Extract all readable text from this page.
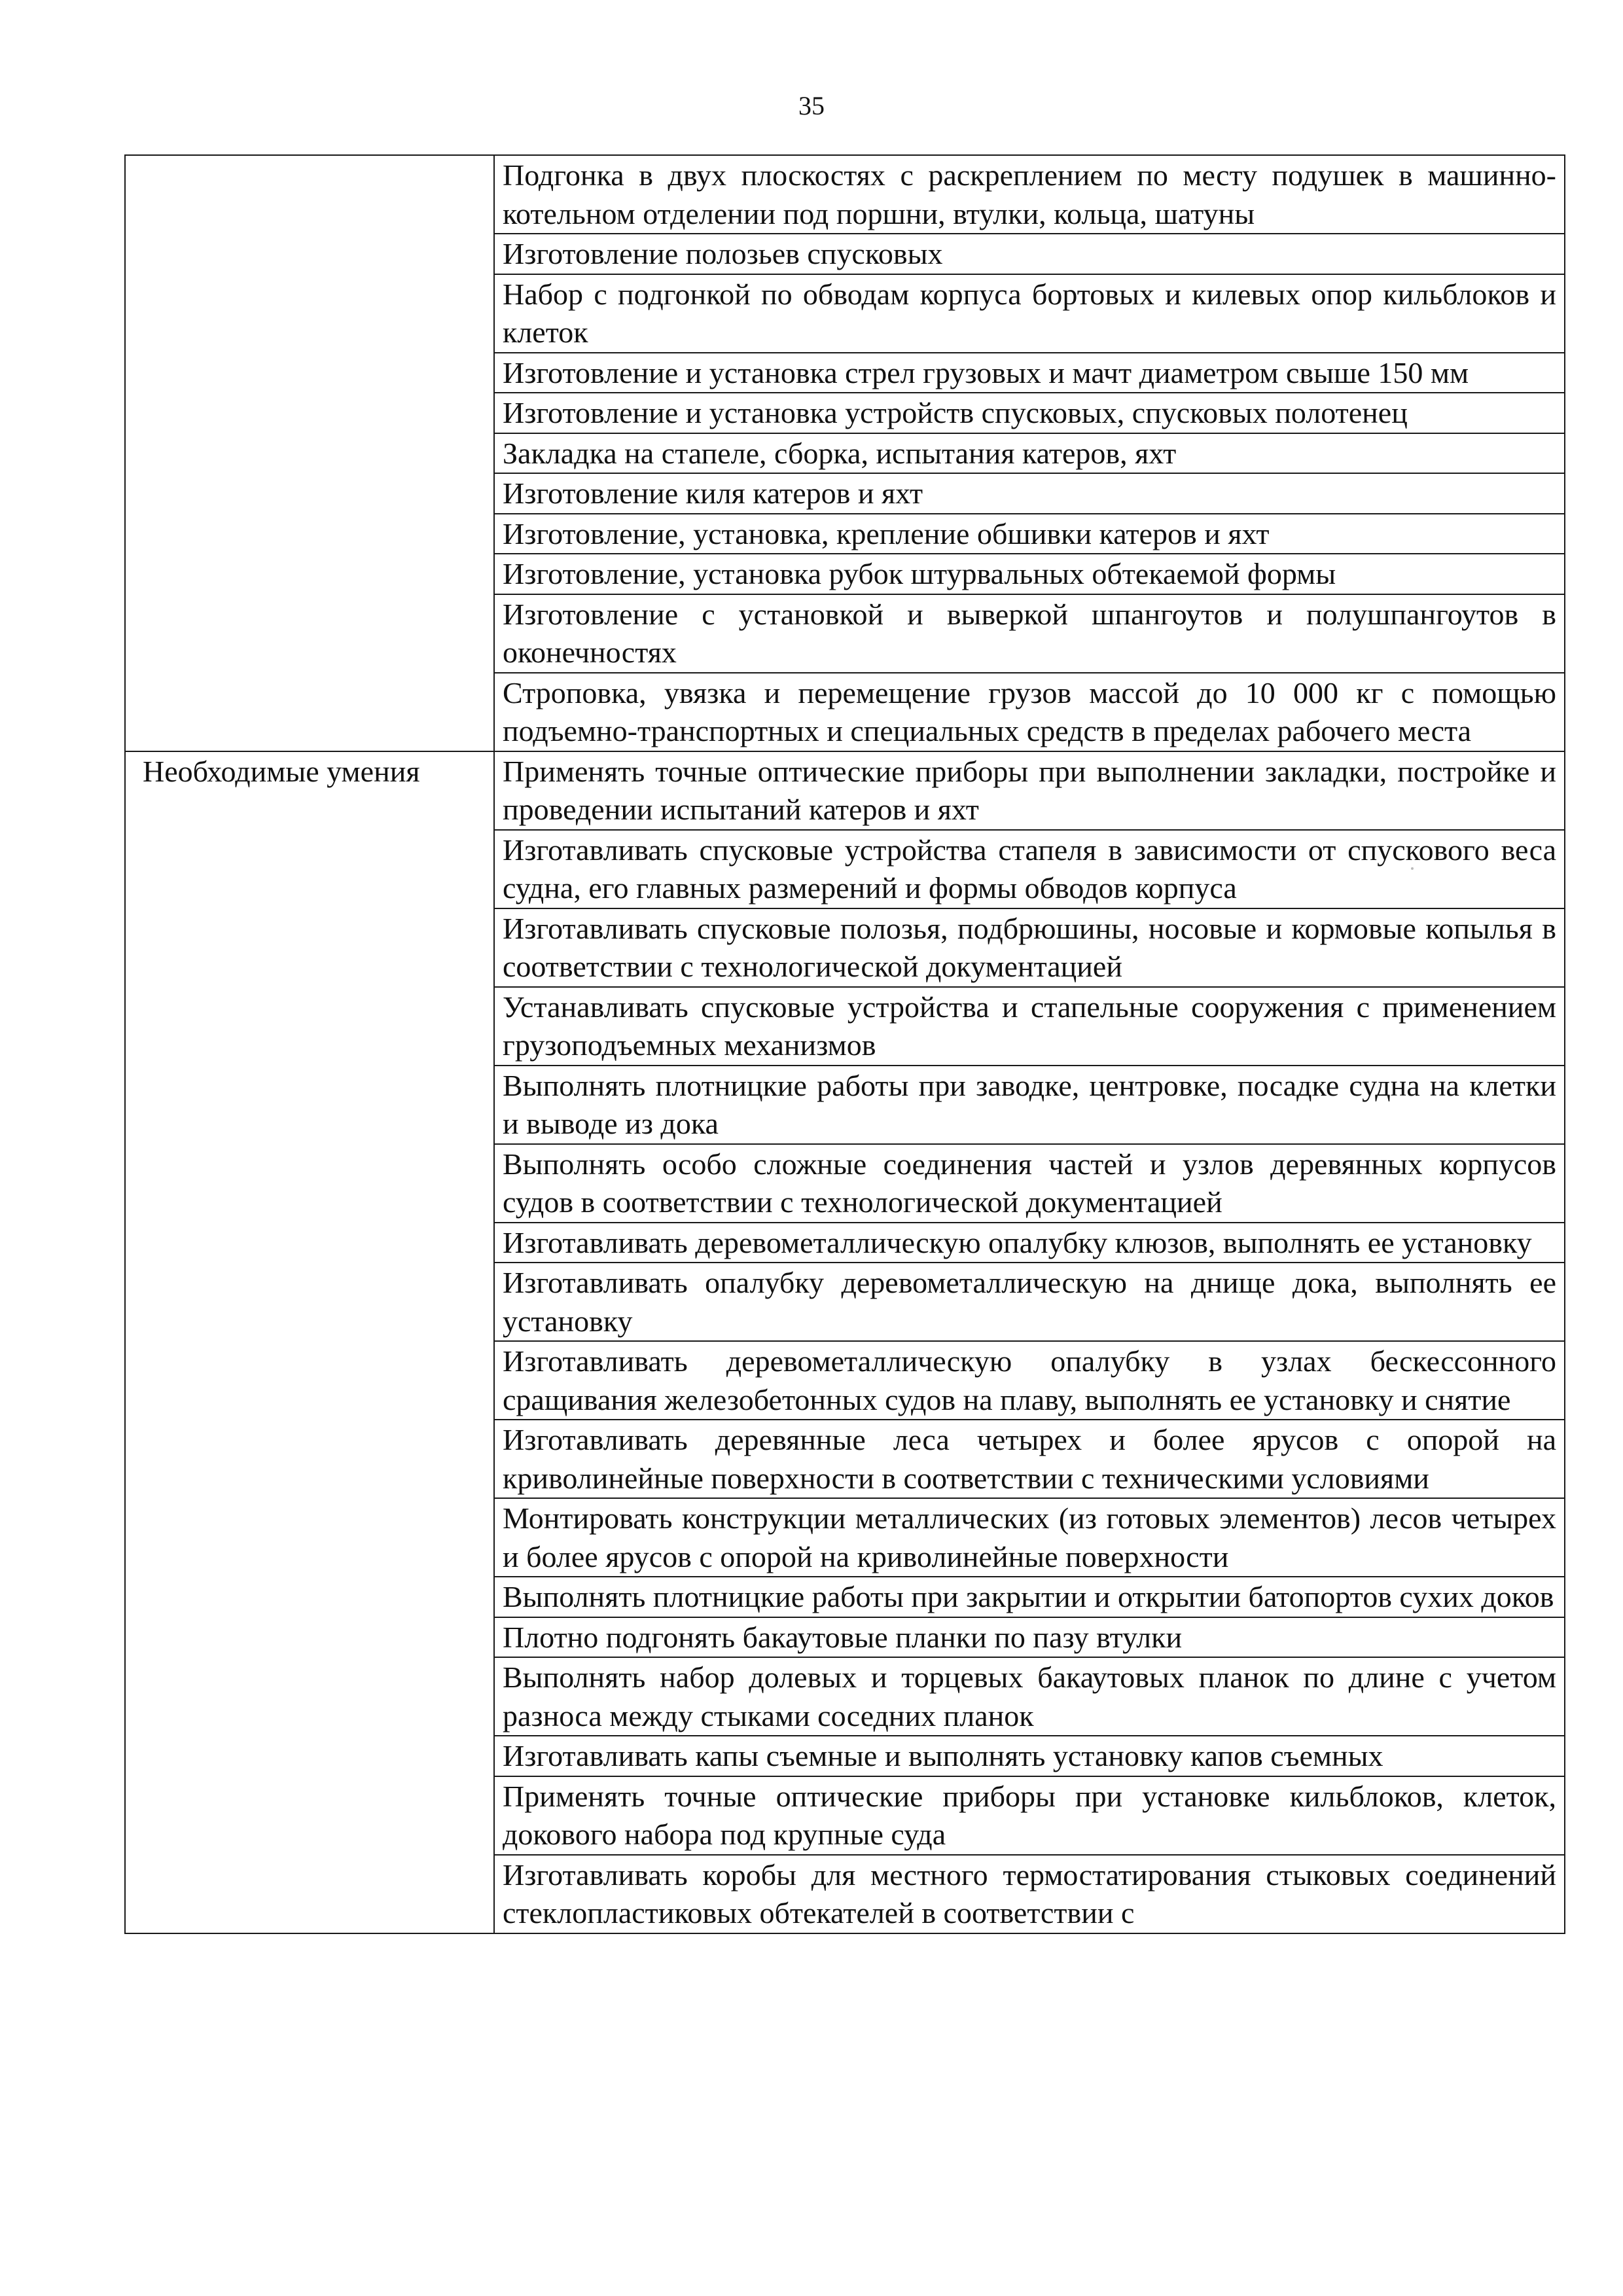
35
	Подгонка в двух плоскостях с раскреплением по месту подушек в машинно-котельном отделении под поршни, втулки, кольца, шатуны
	Изготовление полозьев спусковых
	Набор с подгонкой по обводам корпуса бортовых и килевых опор кильблоков и клеток
	Изготовление и установка стрел грузовых и мачт диаметром свыше 150 мм
	Изготовление и установка устройств спусковых, спусковых полотенец
	Закладка на стапеле, сборка, испытания катеров, яхт
	Изготовление киля катеров и яхт
	Изготовление, установка, крепление обшивки катеров и яхт
	Изготовление, установка рубок штурвальных обтекаемой формы
	Изготовление с установкой и выверкой шпангоутов и полушпангоутов в оконечностях
	Строповка, увязка и перемещение грузов массой до 10 000 кг с помощью подъемно-транспортных и специальных средств в пределах рабочего места
Необходимые умения	Применять точные оптические приборы при выполнении закладки, постройке и проведении испытаний катеров и яхт
	Изготавливать спусковые устройства стапеля в зависимости от спускового веса судна, его главных размерений и формы обводов корпуса
	Изготавливать спусковые полозья, подбрюшины, носовые и кормовые копылья в соответствии с технологической документацией
	Устанавливать спусковые устройства и стапельные сооружения с применением грузоподъемных механизмов
	Выполнять плотницкие работы при заводке, центровке, посадке судна на клетки и выводе из дока
	Выполнять особо сложные соединения частей и узлов деревянных корпусов судов в соответствии с технологической документацией
	Изготавливать деревометаллическую опалубку клюзов, выполнять ее установку
	Изготавливать опалубку деревометаллическую на днище дока, выполнять ее установку
	Изготавливать деревометаллическую опалубку в узлах бескессонного сращивания железобетонных судов на плаву, выполнять ее установку и снятие
	Изготавливать деревянные леса четырех и более ярусов с опорой на криволинейные поверхности в соответствии с техническими условиями
	Монтировать конструкции металлических (из готовых элементов) лесов четырех и более ярусов с опорой на криволинейные поверхности
	Выполнять плотницкие работы при закрытии и открытии батопортов сухих доков
	Плотно подгонять бакаутовые планки по пазу втулки
	Выполнять набор долевых и торцевых бакаутовых планок по длине с учетом разноса между стыками соседних планок
	Изготавливать капы съемные и выполнять установку капов съемных
	Применять точные оптические приборы при установке кильблоков, клеток, докового набора под крупные суда
	Изготавливать коробы для местного термостатирования стыковых соединений стеклопластиковых обтекателей в соответствии с
